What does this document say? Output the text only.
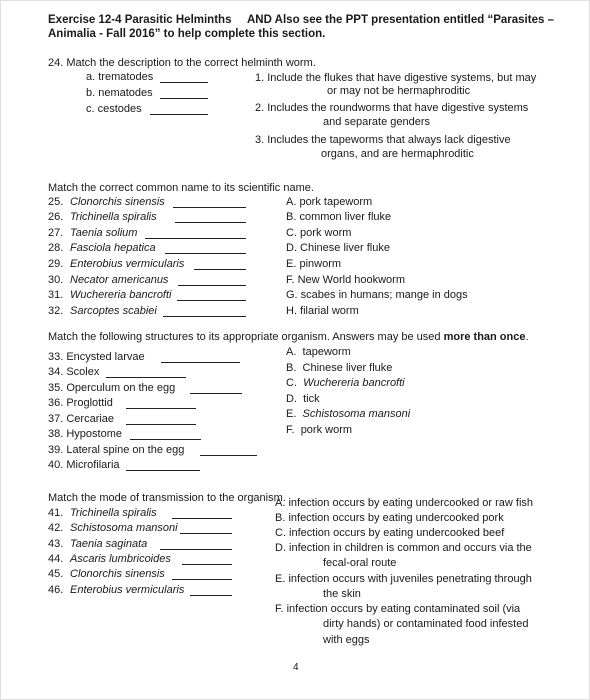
Exercise 12-4 Parasitic Helminths AND Also see the PPT presentation entitled “Parasites –
Animalia - Fall 2016” to help complete this section.
24. Match the description to the correct helminth worm.
a. trematodes
b. nematodes
c. cestodes
1. Include the flukes that have digestive systems, but may
or may not be hermaphroditic
2. Includes the roundworms that have digestive systems
and separate genders
3. Includes the tapeworms that always lack digestive
organs, and are hermaphroditic
Match the correct common name to its scientific name.
25. Clonorchis sinensis
26. Trichinella spiralis
27. Taenia solium
28. Fasciola hepatica
29. Enterobius vermicularis
30. Necator americanus
31. Wuchereria bancrofti
32. Sarcoptes scabiei
A. pork tapeworm
B. common liver fluke
C. pork worm
D. Chinese liver fluke
E. pinworm
F. New World hookworm
G. scabes in humans; mange in dogs
H. filarial worm
Match the following structures to its appropriate organism. Answers may be used more than once.
33. Encysted larvae
34. Scolex
35. Operculum on the egg
36. Proglottid
37. Cercariae
38. Hypostome
39. Lateral spine on the egg
40. Microfilaria
A. tapeworm
B. Chinese liver fluke
C. Wuchereria bancrofti
D. tick
E. Schistosoma mansoni
F. pork worm
Match the mode of transmission to the organism.
41. Trichinella spiralis
42. Schistosoma mansoni
43. Taenia saginata
44. Ascaris lumbricoides
45. Clonorchis sinensis
46. Enterobius vermicularis
A. infection occurs by eating undercooked or raw fish
B. infection occurs by eating undercooked pork
C. infection occurs by eating undercooked beef
D. infection in children is common and occurs via the
fecal-oral route
E. infection occurs with juveniles penetrating through
the skin
F. infection occurs by eating contaminated soil (via
dirty hands) or contaminated food infested
with eggs
4
